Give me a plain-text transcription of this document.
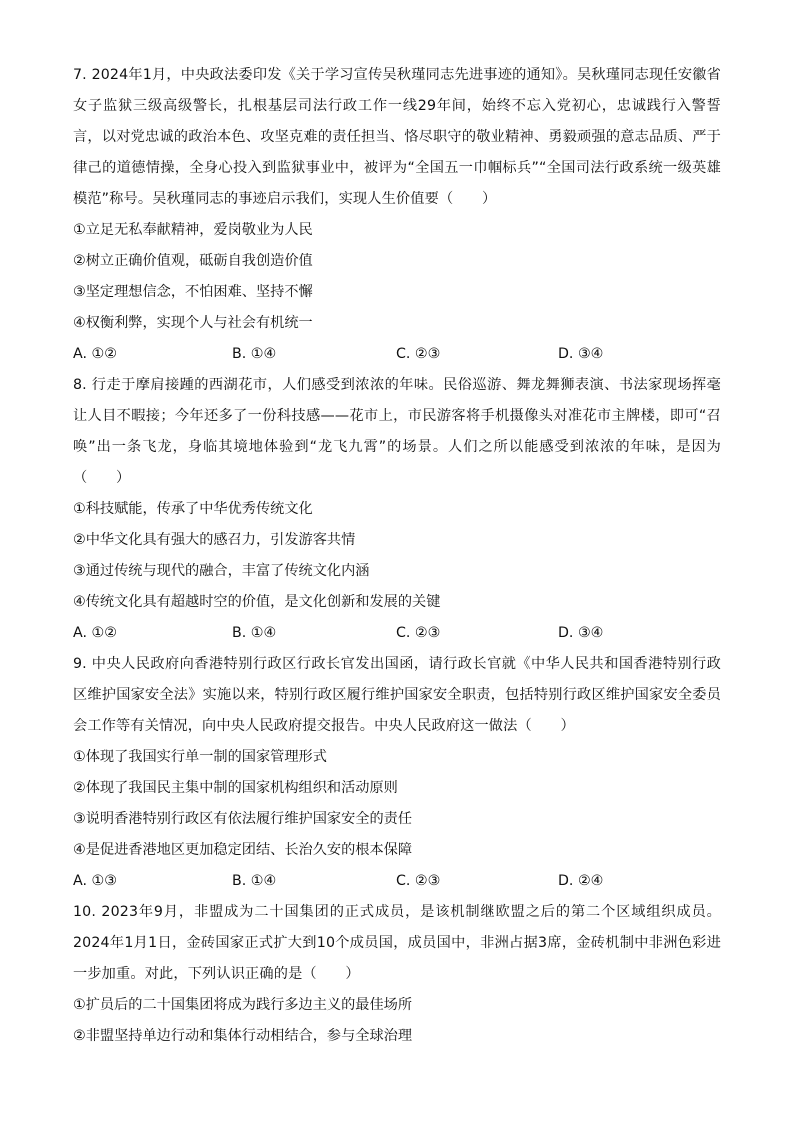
7. 2024年1月，中央政法委印发《关于学习宣传吴秋瑾同志先进事迹的通知》。吴秋瑾同志现任安徽省女子监狱三级高级警长，扎根基层司法行政工作一线29年间，始终不忘入党初心，忠诚践行入警誓言，以对党忠诚的政治本色、攻坚克难的责任担当、恪尽职守的敬业精神、勇毅顽强的意志品质、严于律己的道德情操，全身心投入到监狱事业中，被评为“全国五一巾帼标兵”“全国司法行政系统一级英雄模范”称号。吴秋瑾同志的事迹启示我们，实现人生价值要（　　）

①立足无私奉献精神，爱岗敬业为人民

②树立正确价值观，砥砺自我创造价值

③坚定理想信念，不怕困难、坚持不懈

④权衡利弊，实现个人与社会有机统一

A. ①②	B. ①④	C. ②③	D. ③④

8. 行走于摩肩接踵的西湖花市，人们感受到浓浓的年味。民俗巡游、舞龙舞狮表演、书法家现场挥毫让人目不暇接；今年还多了一份科技感——花市上，市民游客将手机摄像头对准花市主牌楼，即可“召唤”出一条飞龙，身临其境地体验到“龙飞九霄”的场景。人们之所以能感受到浓浓的年味，是因为（　　）

①科技赋能，传承了中华优秀传统文化

②中华文化具有强大的感召力，引发游客共情

③通过传统与现代的融合，丰富了传统文化内涵

④传统文化具有超越时空的价值，是文化创新和发展的关键

A. ①②	B. ①④	C. ②③	D. ③④

9. 中央人民政府向香港特别行政区行政长官发出国函，请行政长官就《中华人民共和国香港特别行政区维护国家安全法》实施以来，特别行政区履行维护国家安全职责，包括特别行政区维护国家安全委员会工作等有关情况，向中央人民政府提交报告。中央人民政府这一做法（　　）

①体现了我国实行单一制的国家管理形式

②体现了我国民主集中制的国家机构组织和活动原则

③说明香港特别行政区有依法履行维护国家安全的责任

④是促进香港地区更加稳定团结、长治久安的根本保障

A. ①③	B. ①④	C. ②③	D. ②④

10. 2023年9月，非盟成为二十国集团的正式成员，是该机制继欧盟之后的第二个区域组织成员。2024年1月1日，金砖国家正式扩大到10个成员国，成员国中，非洲占据3席，金砖机制中非洲色彩进一步加重。对此，下列认识正确的是（　　）

①扩员后的二十国集团将成为践行多边主义的最佳场所

②非盟坚持单边行动和集体行动相结合，参与全球治理
